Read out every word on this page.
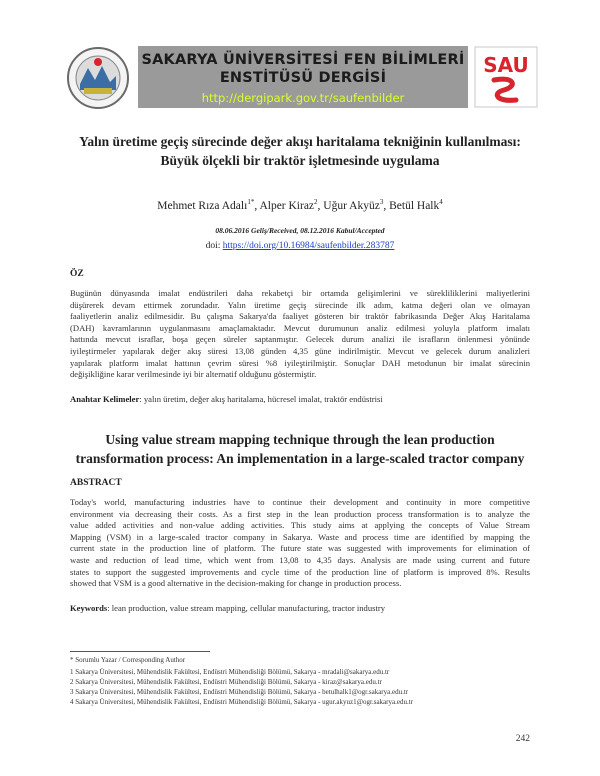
SAKARYA ÜNİVERSİTESİ FEN BİLİMLERİ
ENSTİTÜSÜ DERGİSİ
http://dergipark.gov.tr/saufenbilder
SAU
Yalın üretime geçiş sürecinde değer akışı haritalama tekniğinin kullanılması:
Büyük ölçekli bir traktör işletmesinde uygulama
Mehmet Rıza Adalı$^{1*}$, Alper Kiraz$^2$, Uğur Akyüz$^3$, Betül Halk$^4$
08.06.2016 Geliş/Received, 08.12.2016 Kabul/Accepted
doi: https://doi.org/10.16984/saufenbilder.283787
ÖZ
Bugünün dünyasında imalat endüstrileri daha rekabetçi bir ortamda gelişimlerini ve sürekliliklerini maliyetlerini
düşürerek devam ettirmek zorundadır. Yalın üretime geçiş sürecinde ilk adım, katma değeri olan ve olmayan
faaliyetlerin analiz edilmesidir. Bu çalışma Sakarya'da faaliyet gösteren bir traktör fabrikasında Değer Akış Haritalama
(DAH) kavramlarının uygulanmasını amaçlamaktadır. Mevcut durumunun analiz edilmesi yoluyla platform imalatı
hattında mevcut israflar, boşa geçen süreler saptanmıştır. Gelecek durum analizi ile israfların önlenmesi yönünde
iyileştirmeler yapılarak değer akış süresi 13,08 günden 4,35 güne indirilmiştir. Mevcut ve gelecek durum analizleri
yapılarak platform imalat hattının çevrim süresi %8 iyileştirilmiştir. Sonuçlar DAH metodunun bir imalat sürecinin
değişikliğine karar verilmesinde iyi bir alternatif olduğunu göstermiştir.
Anahtar Kelimeler: yalın üretim, değer akış haritalama, hücresel imalat, traktör endüstrisi
Using value stream mapping technique through the lean production
transformation process: An implementation in a large-scaled tractor company
ABSTRACT
Today's world, manufacturing industries have to continue their development and continuity in more competitive
environment via decreasing their costs. As a first step in the lean production process transformation is to analyze the
value added activities and non-value adding activities. This study aims at applying the concepts of Value Stream
Mapping (VSM) in a large-scaled tractor company in Sakarya. Waste and process time are identified by mapping the
current state in the production line of platform. The future state was suggested with improvements for elimination of
waste and reduction of lead time, which went from 13,08 to 4,35 days. Analysis are made using current and future
states to support the suggested improvements and cycle time of the production line of platform is improved 8%. Results
showed that VSM is a good alternative in the decision-making for change in production process.
Keywords: lean production, value stream mapping, cellular manufacturing, tractor industry
* Sorumlu Yazar / Corresponding Author
1 Sakarya Üniversitesi, Mühendislik Fakültesi, Endüstri Mühendisliği Bölümü, Sakarya - mradali@sakarya.edu.tr
2 Sakarya Üniversitesi, Mühendislik Fakültesi, Endüstri Mühendisliği Bölümü, Sakarya - kiraz@sakarya.edu.tr
3 Sakarya Üniversitesi, Mühendislik Fakültesi, Endüstri Mühendisliği Bölümü, Sakarya - betulhalk1@ogr.sakarya.edu.tr
4 Sakarya Üniversitesi, Mühendislik Fakültesi, Endüstri Mühendisliği Bölümü, Sakarya - ugur.akyuz1@ogr.sakarya.edu.tr
242
